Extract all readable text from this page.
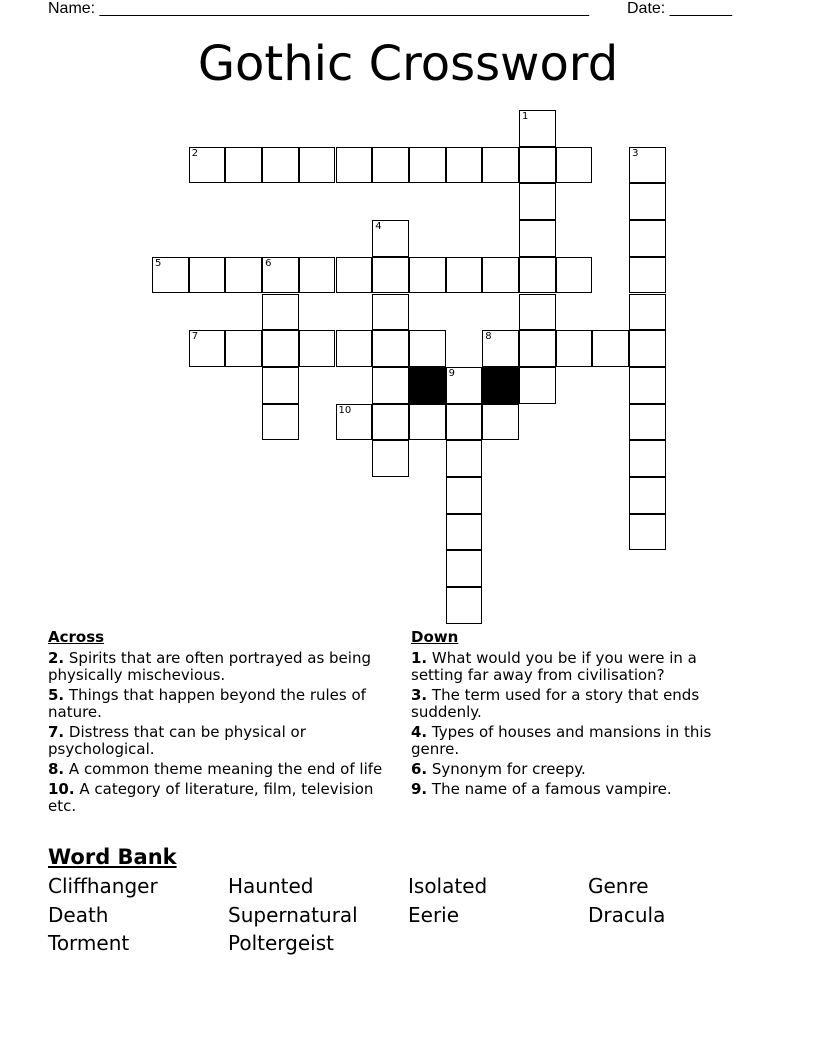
Name: _______________________________________________________ Date: _______
Gothic Crossword
1
2	3
4
5	6
7	8
9
10
Across
2. Spirits that are often portrayed as being physically mischevious.
5. Things that happen beyond the rules of nature.
7. Distress that can be physical or psychological.
8. A common theme meaning the end of life
10. A category of literature, film, television etc.
Down
1. What would you be if you were in a setting far away from civilisation?
3. The term used for a story that ends suddenly.
4. Types of houses and mansions in this genre.
6. Synonym for creepy.
9. The name of a famous vampire.
Word Bank
Cliffhanger	Haunted	Isolated	Genre
Death	Supernatural	Eerie	Dracula
Torment	Poltergeist
